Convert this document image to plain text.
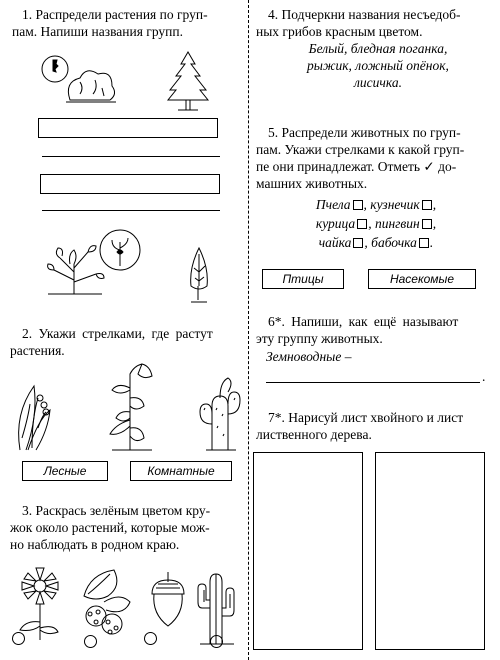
1. Распредели растения по груп-

пам. Напиши названия групп.

2. Укажи стрелками, где растут

растения.

Лесные	Комнатные

3. Раскрась зелёным цветом кру-

жок около растений, которые мож-

но наблюдать в родном краю.

4. Подчеркни названия несъедоб-

ных грибов красным цветом.

Белый, бледная поганка,

рыжик, ложный опёнок,

лисичка.

5. Распредели животных по груп-

пам. Укажи стрелками к какой груп-

пе они принадлежат. Отметь ✓ до-

машних животных.

Пчела , кузнечик ,

курица , пингвин ,

чайка , бабочка .

Птицы	Насекомые

6*. Напиши, как ещё называют

эту группу животных.

Земноводные –

.

7*. Нарисуй лист хвойного и лист

лиственного дерева.
